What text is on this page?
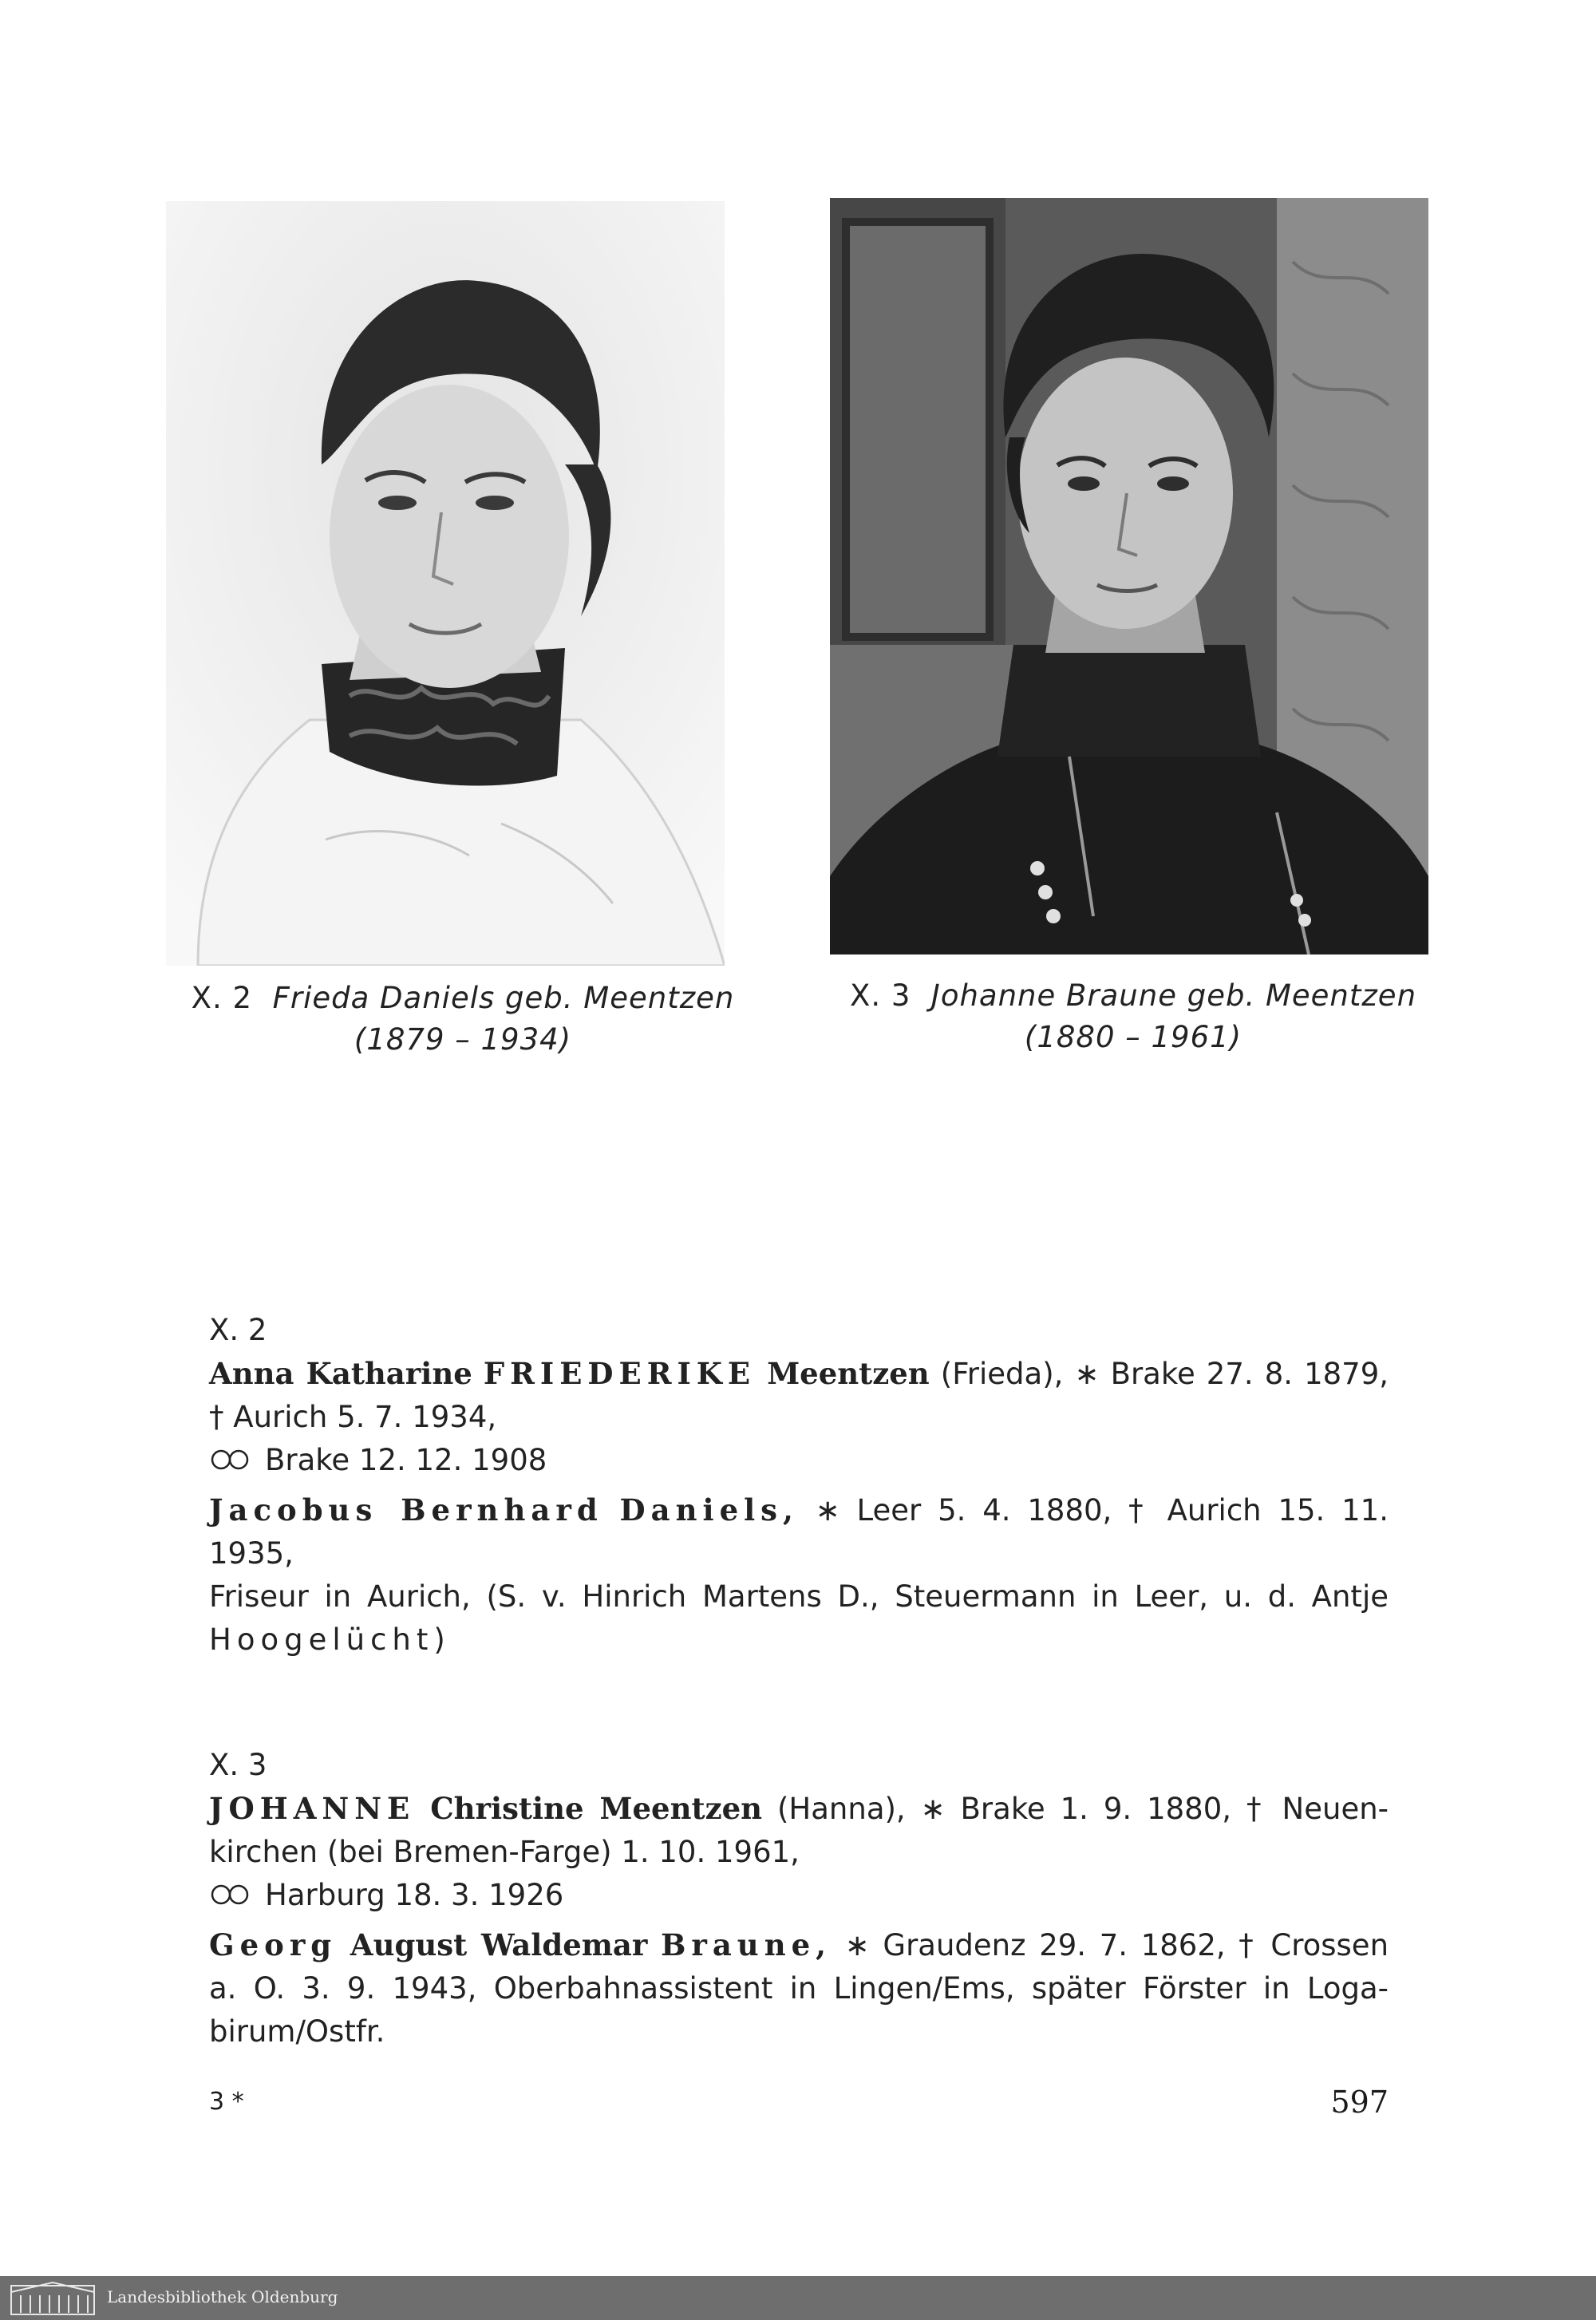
X. 2 Frieda Daniels geb. Meentzen
(1879 – 1934)
X. 3 Johanne Braune geb. Meentzen
(1880 – 1961)

X. 2

Anna Katharine FRIEDERIKE Meentzen (Frieda), ∗ Brake 27. 8. 1879,

† Aurich 5. 7. 1934,

Brake 12. 12. 1908

Jacobus Bernhard Daniels, ∗ Leer 5. 4. 1880, † Aurich 15. 11. 1935,

Friseur in Aurich, (S. v. Hinrich Martens D., Steuermann in Leer, u. d. Antje

Hoogelücht)

X. 3

JOHANNE Christine Meentzen (Hanna), ∗ Brake 1. 9. 1880, † Neuen-

kirchen (bei Bremen-Farge) 1. 10. 1961,

Harburg 18. 3. 1926

Georg August Waldemar Braune, ∗ Graudenz 29. 7. 1862, † Crossen

a. O. 3. 9. 1943, Oberbahnassistent in Lingen/Ems, später Förster in Loga-

birum/Ostfr.

3 *	597
Landesbibliothek Oldenburg
